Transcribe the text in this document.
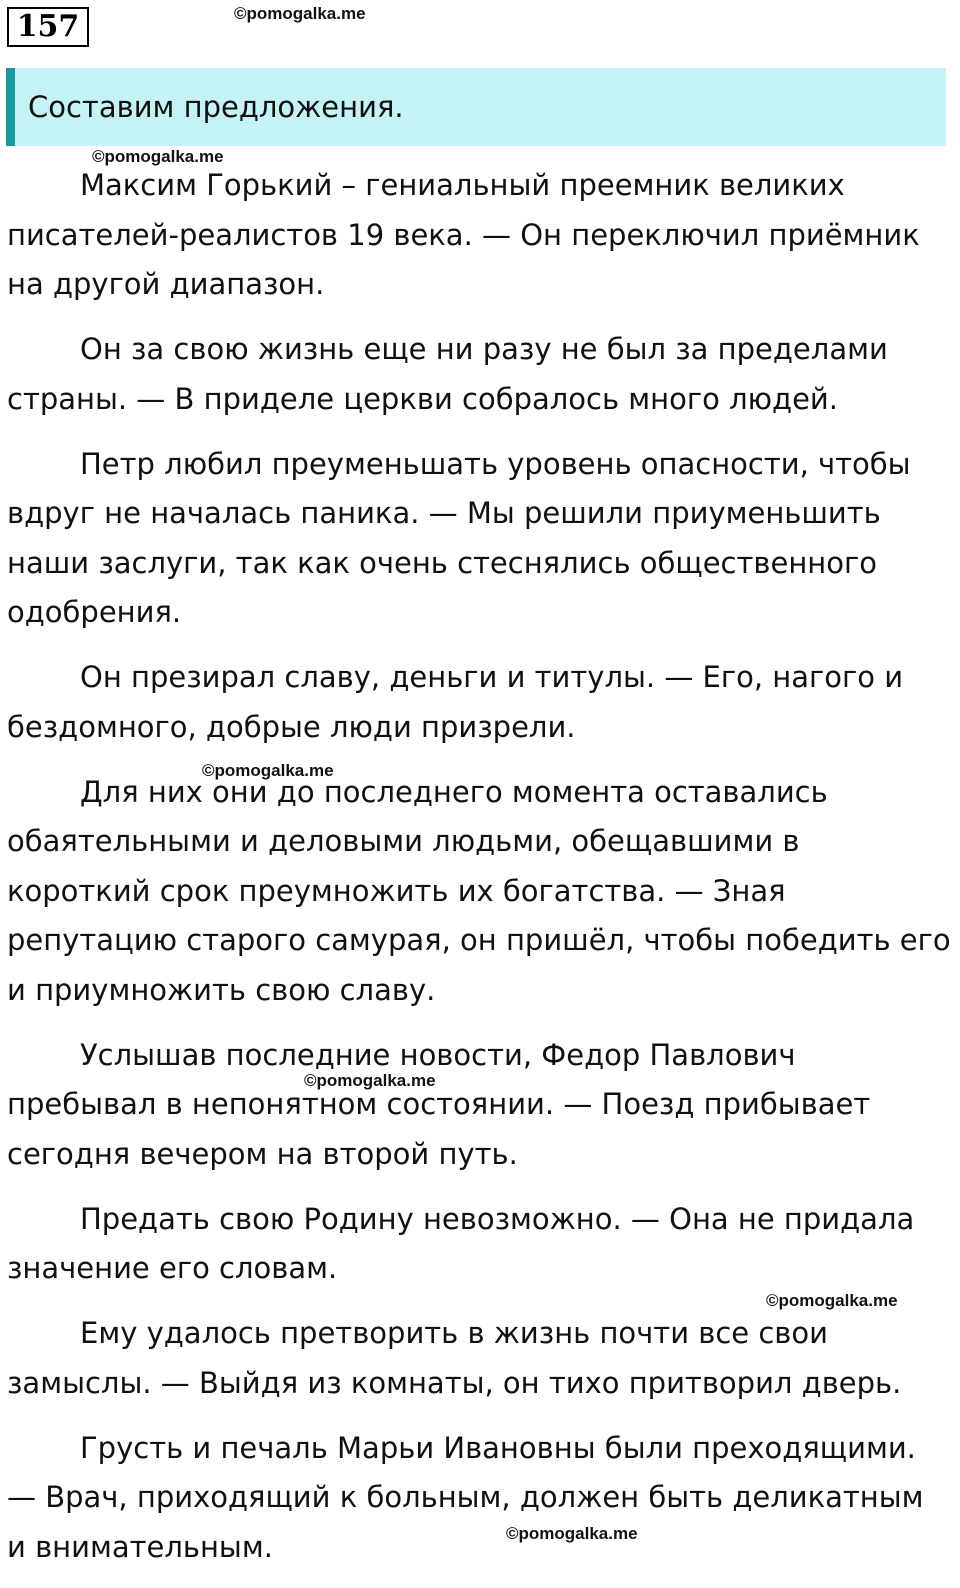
157	©pomogalka.me
Составим предложения.
©pomogalka.me

Максим Горький – гениальный преемник великих
писателей-реалистов 19 века. — Он переключил приёмник
на другой диапазон.

Он за свою жизнь еще ни разу не был за пределами
страны. — В приделе церкви собралось много людей.

Петр любил преуменьшать уровень опасности, чтобы
вдруг не началась паника. — Мы решили приуменьшить
наши заслуги, так как очень стеснялись общественного
одобрения.

Он презирал славу, деньги и титулы. — Его, нагого и
бездомного, добрые люди призрели.

Для них они до последнего момента оставались
обаятельными и деловыми людьми, обещавшими в
короткий срок преумножить их богатства. — Зная
репутацию старого самурая, он пришёл, чтобы победить его
и приумножить свою славу.

Услышав последние новости, Федор Павлович
пребывал в непонятном состоянии. — Поезд прибывает
сегодня вечером на второй путь.

Предать свою Родину невозможно. — Она не придала
значение его словам.

Ему удалось претворить в жизнь почти все свои
замыслы. — Выйдя из комнаты, он тихо притворил дверь.

Грусть и печаль Марьи Ивановны были преходящими.
— Врач, приходящий к больным, должен быть деликатным
и внимательным.

©pomogalka.me
©pomogalka.me
©pomogalka.me
©pomogalka.me
